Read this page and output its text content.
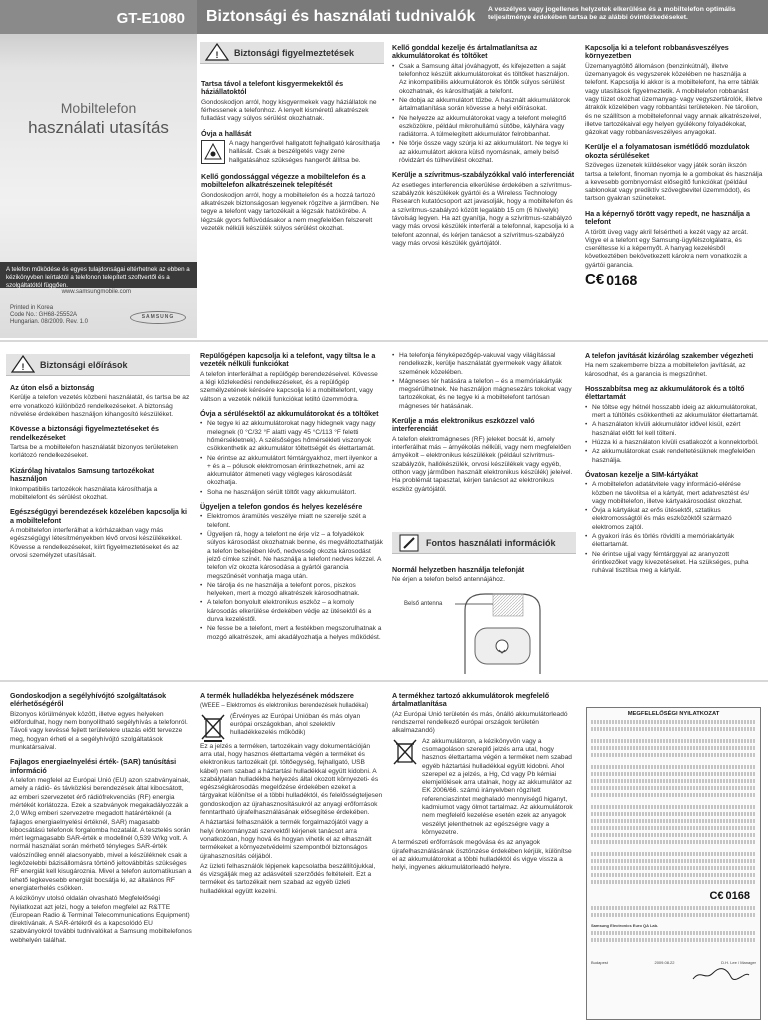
GT-E1080
Mobiltelefon
használati utasítás
A telefon működése és egyes tulajdonságai eltérhetnek az ebben a kézikönyvben leírtaktól a telefonon telepített szoftvertől és a szolgáltatótól függően.
www.samsungmobile.com
Printed in Korea
Code No.: GH68-25552A
Hungarian. 08/2009. Rev. 1.0
SAMSUNG
Biztonsági és használati tudnivalók A veszélyes vagy jogellenes helyzetek elkerülése és a mobiltelefon optimális teljesítménye érdekében tartsa be az alábbi óvintézkedéseket.
! Biztonsági figyelmeztetések
Tartsa távol a telefont kisgyermekektől és háziállatoktól

Gondoskodjon arról, hogy kisgyermekek vagy háziállatok ne férhessenek a telefonhoz. A lenyelt kisméretű alkatrészek fulladást vagy súlyos sérülést okozhatnak.

Óvja a hallását

A nagy hangerővel hallgatott fejhallgató károsíthatja hallását. Csak a beszélgetés vagy zene hallgatásához szükséges hangerőt állítsa be.

Kellő gondossággal végezze a mobiltelefon és a mobiltelefon alkatrészeinek telepítését

Gondoskodjon arról, hogy a mobiltelefon és a hozzá tartozó alkatrészek biztonságosan legyenek rögzítve a járműben. Ne tegye a telefont vagy tartozékait a légzsák hatókörébe. A légzsák gyors felfúvódásakor a nem megfelelően felszerelt vezeték nélküli készülék súlyos sérülést okozhat.

Kellő gonddal kezelje és ártalmatlanítsa az akkumulátorokat és töltőket
• Csak a Samsung által jóváhagyott, és kifejezetten a saját telefonhoz készült akkumulátorokat és töltőket használjon. Az inkompatibilis akkumulátorok és töltők súlyos sérülést okozhatnak, és károsíthatják a telefont.
• Ne dobja az akkumulátort tűzbe. A használt akkumulátorok ártalmatlanítása során kövesse a helyi előírásokat.
• Ne helyezze az akkumulátorokat vagy a telefont melegítő eszközökre, például mikrohullámú sütőbe, kályhára vagy radiátorra. A túlmelegített akkumulátor felrobbanhat.
• Ne törje össze vagy szúrja ki az akkumulátort. Ne tegye ki az akkumulátort akkora külső nyomásnak, amely belső rövidzárt és túlhevülést okozhat.
Kerülje a szívritmus-szabályzókkal való interferenciát

Az esetleges interferencia elkerülése érdekében a szívritmus-szabályzók készülékek gyártói és a Wireless Technology Research kutatócsoport azt javasolják, hogy a mobiltelefon és a szívritmus-szabályzó között legalább 15 cm (6 hüvelyk) távolság legyen. Ha azt gyanítja, hogy a szívritmus-szabályzó vagy más orvosi készülék interferál a telefonnal, kapcsolja ki a telefont azonnal, és kérjen tanácsot a szívritmus-szabályzó vagy más orvosi készülék gyártójától.

Kapcsolja ki a telefont robbanásveszélyes környezetben

Üzemanyagtöltő állomáson (benzinkútnál), illetve üzemanyagok és vegyszerek közelében ne használja a telefont. Kapcsolja ki akkor is a mobiltelefont, ha erre táblák vagy utasítások figyelmeztetik. A mobiltelefon robbanást vagy tüzet okozhat üzemanyag- vagy vegyszertárolók, illetve átrakók közelében vagy robbantási területeken. Ne tárolion, és ne szállítson a mobiltelefonnal vagy annak alkatrészeivel, illetve tartozékaival egy helyen gyúlékony folyadékokat, gázokat vagy robbanásveszélyes anyagokat.

Kerülje el a folyamatosan ismétlődő mozdulatok okozta sérüléseket

Szöveges üzenetek küldésekor vagy játék során ikszón tartsa a telefont, finoman nyomja le a gombokat és használja a kevesebb gombnyomást elősegítő funkciókat (például sablonokat vagy prediktív szövegbevitel üzemmódot), és tartson gyakran szüneteket.

Ha a képernyő törött vagy repedt, ne használja a telefont

A törött üveg vagy akril felsértheti a kezét vagy az arcát. Vigye el a telefont egy Samsung-ügyfélszolgálatra, és cseréltesse ki a képernyőt. A hanyag kezelésből következtében bekövetkezett károkra nem vonatkozik a gyártói garancia.

C€ 0168
! Biztonsági előírások
Az úton első a biztonság

Kerülje a telefon vezetés közbeni használatát, és tartsa be az erre vonatkozó különböző rendelkezéseket. A biztonság növelése érdekében használjon kihangosító készüléket.

Kövesse a biztonsági figyelmeztetéseket és rendelkezéseket

Tartsa be a mobiltelefon használatát bizonyos területeken korlátozó rendelkezéseket.

Kizárólag hivatalos Samsung tartozékokat használjon

Inkompatibilis tartozékok használata károsíthatja a mobiltelefont és sérülést okozhat.

Egészségügyi berendezések közelében kapcsolja ki a mobiltelefont

A mobiltelefon interferálhat a kórházakban vagy más egészségügyi létesítményekben lévő orvosi készülékekkel. Kövesse a rendelkezéseket, kiírt figyelmeztetéseket és az orvosi személyzet utasításait.

Repülőgépen kapcsolja ki a telefont, vagy tiltsa le a vezeték nélküli funkciókat

A telefon interferálhat a repülőgép berendezéseivel. Kövesse a légi közlekedési rendelkezéseket, és a repülőgép személyzetének kérésére kapcsolja ki a mobiltelefont, vagy váltson a vezeték nélküli funkciókat letiltó üzemmódra.

Óvja a sérülésektől az akkumulátorokat és a töltőket
• Ne tegye ki az akkumulátorokat nagy hidegnek vagy nagy melegnek (0 °C/32 °F alatti vagy 45 °C/113 °F feletti hőmérsékletnek). A szélsőséges hőmérsékleti viszonyok csökkenthetik az akkumulátor töltettségét és élettartamát.
• Ne érintse az akkumulátort fémtárgyakhoz, mert ilyenkor a + és a – pólusok elektromosan érintkezhetnek, ami az akkumulátor átmeneti vagy végleges károsodását okozhatja.
• Soha ne használjon sérült töltőt vagy akkumulátort.
Ügyeljen a telefon gondos és helyes kezelésére
• Elektromos áramütés veszélye miatt ne szerelje szét a telefont.
• Ügyeljen rá, hogy a telefont ne érje víz – a folyadékok súlyos károsodást okozhatnak benne, és megváltoztathatják a telefon belsejében lévő, nedvesség okozta károsodást jelző címke színét. Ne használja a telefont nedves kézzel. A telefon víz okozta károsodása a gyártói garancia megszűnését vonhatja maga után.
• Ne tárolja és ne használja a telefont poros, piszkos helyeken, mert a mozgó alkatrészek károsodhatnak.
• A telefon bonyolult elektronikus eszköz – a komoly károsodás elkerülése érdekében védje az ütésektől és a durva kezeléstől.
• Ne fesse be a telefont, mert a festékben megszorulhatnak a mozgó alkatrészek, ami akadályozhatja a helyes működést.
• Ha telefonja fényképezőgép-vakuval vagy világítással rendelkezik, kerülje használatát gyermekek vagy állatok szemének közelében.
• Mágneses tér hatására a telefon – és a memóriakártyák megsérülhetnek. Ne használjon mágnesezárs tokokat vagy tartozékokat, és ne tegye ki a mobiltelefont tartósan mágneses tér hatásának.
Kerülje a más elektronikus eszközzel való interferenciát

A telefon elektromágneses (RF) jeleket bocsát ki, amely interferálhat más – árnyékolás nélküli, vagy nem megfelelően árnyékolt – elektronikus készülékek (például szívritmus-szabályzók, hallókészülék, orvosi készülékek vagy egyéb, otthon vagy járműben használt elektronikus készülék) jeleivel. Ha problémát tapasztal, kérjen tanácsot az elektronikus eszköz gyártójától.

Fontos használati információk
Normál helyzetben használja telefonját

Ne érjen a telefon belső antennájához.

Belső antenna
A telefon javítását kizárólag szakember végezheti

Ha nem szakemberre bízza a mobiltelefon javítását, az károsodhat, és a garancia is megszűnhet.

Hosszabbítsa meg az akkumulátorok és a töltő élettartamát
• Ne töltse egy hétnél hosszabb ideig az akkumulátorokat, mert a túltöltés csökkentheti az akkumulátor élettartamát.
• A használaton kívüli akkumulátor idővel kisül, ezért használat előtt fel kell tölteni.
• Húzza ki a használaton kívüli csatlakozót a konnektorból.
• Az akkumulátorokat csak rendeltetésüknek megfelelően használja.
Óvatosan kezelje a SIM-kártyákat
• A mobiltelefon adatátvitele vagy információ-elérése közben ne távolítsa el a kártyát, mert adatvesztést és/ vagy mobiltelefon, illetve kártyakárosodást okozhat.
• Óvja a kártyákat az erős ütésektől, sztatikus elektromosságtól és más eszközöktől származó elektromos zajtól.
• A gyakori írás és törlés rövidíti a memóriakártyák élettartamát.
• Ne érintse ujjal vagy fémtárggyal az aranyozott érintkezőket vagy kivezetéseket. Ha szükséges, puha ruhával tisztítsa meg a kártyát.
Gondoskodjon a segélyhívójtó szolgáltatások elérhetőségéről

Bizonyos körülmények között, illetve egyes helyeken előfordulhat, hogy nem bonyolítható segélyhívás a telefonról. Távoli vagy kevéssé fejlett területekre utazás előtt tervezze meg, hogyan érheti el a segélyhívójtó szolgáltatások munkatársaival.

Fajlagos energiaelnyelési érték- (SAR) tanúsítási információ

A telefon megfelel az Európai Unió (EU) azon szabványainak, amely a rádió- és távközlési berendezések által kibocsátott, az emberi szervezetet érő rádiófrekvenciás (RF) energia mértékét korlátozza. Ezek a szabványok megakadályozzák a 2,0 W/kg emberi szervezetre megadott határértéknél (a fajlagos energiaelnyelési értéknél, SAR) magasabb kibocsátású telefonok forgalomba hozatalát. A tesztelés során mért legmagasabb SAR-érték e modellnél 0,539 W/kg volt. A normál használat során mérhető tényleges SAR-érték valószínűleg ennél alacsonyabb, mivel a készüléknek csak a legközelebbi bázisállomásra történő jeltovábbítás szükséges RF energiát kell kisugároznia. Mivel a telefon automatikusan a lehető legkevesebb energiát bocsátja ki, az általános RF energiaterhelés csökken.

A kézikönyv utolsó oldalán olvasható Megfelelőségi Nyilatkozat azt jelzi, hogy a telefon megfelel az R&TTE (European Radio & Terminal Telecommunications Equipment) direktívának. A SAR-értékről és a kapcsolódó EU szabványokról további tudnivalókat a Samsung mobiltelefonos webhelyén találhat.

A termék hulladékba helyezésének módszere

(WEEE – Elektromos és elektronikus berendezések hulladékai)

(Érvényes az Európai Unióban és más olyan európai országokban, ahol szelektív hulladékkezelés működik)

Ez a jelzés a terméken, tartozékain vagy dokumentációján arra utal, hogy hasznos élettartama végén a terméket és elektronikus tartozékait (pl. töltőegység, fejhallgató, USB kábel) nem szabad a háztartási hulladékkal együtt kidobni. A szabálytalan hulladékba helyezés által okozott környezeti- és egészségkárosodás megelőzése érdekében ezeket a tárgyakat különítse el a többi hulladéktól, és felelősségteljesen gondoskodjon az újrahasznosításukról az anyagi erőforrások fenntartható újrafelhasználásának elősegítése érdekében.

A háztartási felhasználók a termék forgalmazójától vagy a helyi önkormányzati szervektől kérjenek tanácsot arra vonatkozóan, hogy hová és hogyan vihetik el az elhasznált termékeket a környezetvédelmi szempontból biztonságos újrahasznosítás céljából.

Az üzleti felhasználók lépjenek kapcsolatba beszállítójukkal, és vizsgálják meg az adásvételi szerződés feltételeit. Ezt a terméket és tartozékait nem szabad az egyéb üzleti hulladékkal együtt kezelni.

A termékhez tartozó akkumulátorok megfelelő ártalmatlanítása

(Az Európai Unió területén és más, önálló akkumulátorleadó rendszerrel rendelkező európai országok területén alkalmazandó)

Az akkumulátoron, a kézikönyvön vagy a csomagoláson szereplő jelzés arra utal, hogy hasznos élettartama végén a terméket nem szabad egyéb háztartási hulladékkal együtt kidobni. Ahol szerepel ez a jelzés, a Hg, Cd vagy Pb kémiai elemjelölések arra utalnak, hogy az akkumulátor az EK 2006/66. számú irányelvben rögzített referenciaszintet meghaladó mennyiségű higanyt, kadmiumot vagy ólmot tartalmaz. Az akkumulátorok nem megfelelő kezelése esetén ezek az anyagok veszélyt jelenthetnek az egészségre vagy a környezetre.

A természeti erőforrások megóvása és az anyagok újrafelhasználásának ösztönzése érdekében kérjük, különítse el az akkumulátorokat a többi hulladéktól és vigye vissza a helyi, ingyenes akkumulátorleadó helyre.

MEGFELELŐSÉGI NYILATKOZAT
C€ 0168
Samsung Electronics Euro QA Lab.
Budapest	2009.08.22	D.H. Lee / Manager
